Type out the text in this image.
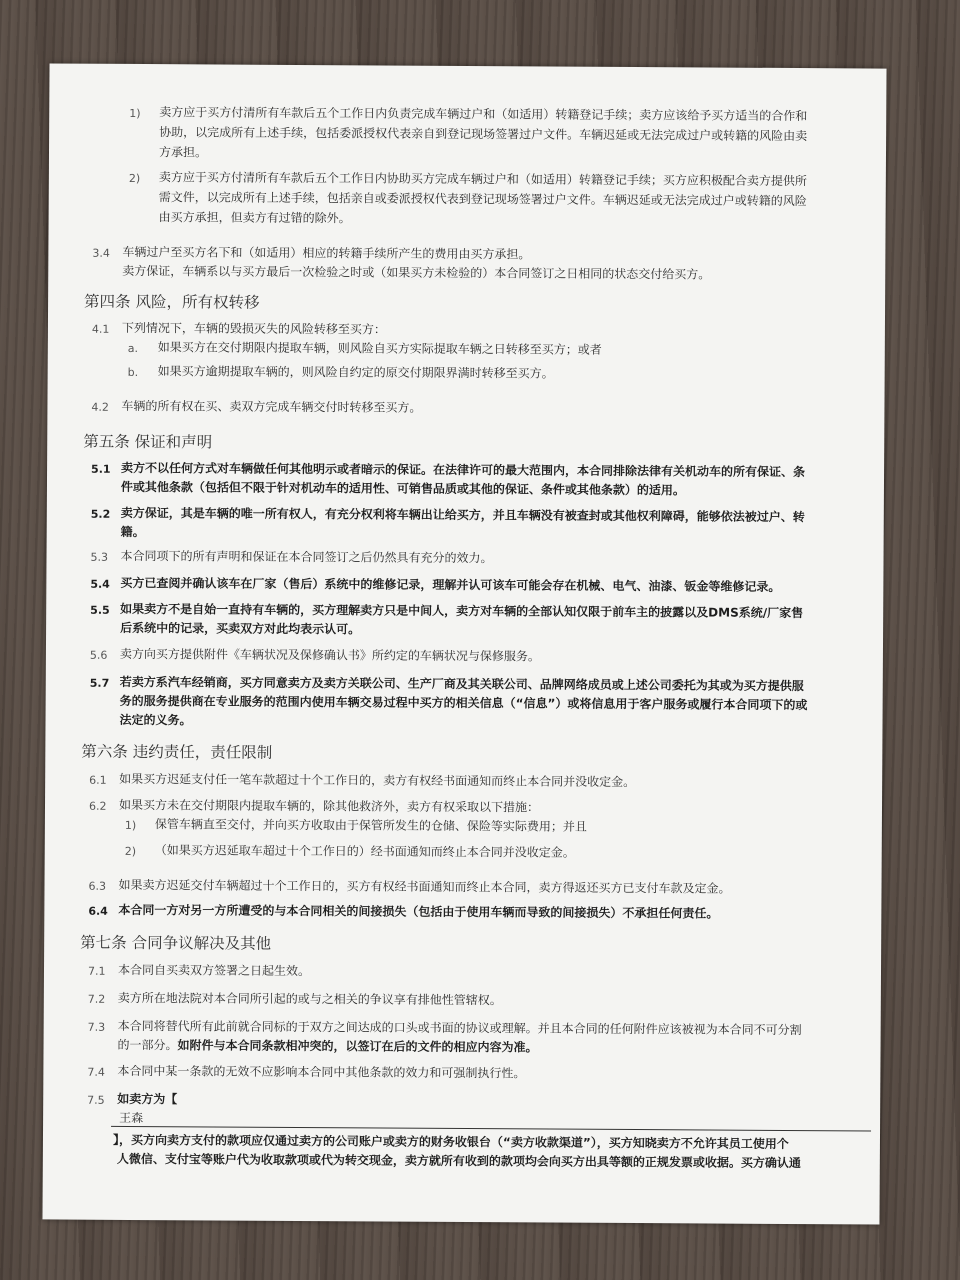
1) 卖方应于买方付清所有车款后五个工作日内负责完成车辆过户和（如适用）转籍登记手续；卖方应该给予买方适当的合作和
协助，以完成所有上述手续，包括委派授权代表亲自到登记现场签署过户文件。车辆迟延或无法完成过户或转籍的风险由卖
方承担。
2) 卖方应于买方付清所有车款后五个工作日内协助买方完成车辆过户和（如适用）转籍登记手续；买方应积极配合卖方提供所
需文件，以完成所有上述手续，包括亲自或委派授权代表到登记现场签署过户文件。车辆迟延或无法完成过户或转籍的风险
由买方承担，但卖方有过错的除外。
3.4 车辆过户至买方名下和（如适用）相应的转籍手续所产生的费用由买方承担。
卖方保证，车辆系以与买方最后一次检验之时或（如果买方未检验的）本合同签订之日相同的状态交付给买方。
第四条 风险，所有权转移
4.1 下列情况下，车辆的毁损灭失的风险转移至买方：
a. 如果买方在交付期限内提取车辆，则风险自买方实际提取车辆之日转移至买方；或者
b. 如果买方逾期提取车辆的，则风险自约定的原交付期限界满时转移至买方。
4.2 车辆的所有权在买、卖双方完成车辆交付时转移至买方。
第五条 保证和声明
5.1 卖方不以任何方式对车辆做任何其他明示或者暗示的保证。在法律许可的最大范围内，本合同排除法律有关机动车的所有保证、条
件或其他条款（包括但不限于针对机动车的适用性、可销售品质或其他的保证、条件或其他条款）的适用。
5.2 卖方保证，其是车辆的唯一所有权人，有充分权利将车辆出让给买方，并且车辆没有被查封或其他权利障碍，能够依法被过户、转
籍。
5.3 本合同项下的所有声明和保证在本合同签订之后仍然具有充分的效力。
5.4 买方已查阅并确认该车在厂家（售后）系统中的维修记录，理解并认可该车可能会存在机械、电气、油漆、钣金等维修记录。
5.5 如果卖方不是自始一直持有车辆的，买方理解卖方只是中间人，卖方对车辆的全部认知仅限于前车主的披露以及DMS系统/厂家售
后系统中的记录，买卖双方对此均表示认可。
5.6 卖方向买方提供附件《车辆状况及保修确认书》所约定的车辆状况与保修服务。
5.7 若卖方系汽车经销商，买方同意卖方及卖方关联公司、生产厂商及其关联公司、品牌网络成员或上述公司委托为其或为买方提供服
务的服务提供商在专业服务的范围内使用车辆交易过程中买方的相关信息（“信息”）或将信息用于客户服务或履行本合同项下的或
法定的义务。
第六条 违约责任，责任限制
6.1 如果买方迟延支付任一笔车款超过十个工作日的，卖方有权经书面通知而终止本合同并没收定金。
6.2 如果买方未在交付期限内提取车辆的，除其他救济外，卖方有权采取以下措施：
1) 保管车辆直至交付，并向买方收取由于保管所发生的仓储、保险等实际费用；并且
2) （如果买方迟延取车超过十个工作日的）经书面通知而终止本合同并没收定金。
6.3 如果卖方迟延交付车辆超过十个工作日的，买方有权经书面通知而终止本合同，卖方得返还买方已支付车款及定金。
6.4 本合同一方对另一方所遭受的与本合同相关的间接损失（包括由于使用车辆而导致的间接损失）不承担任何责任。
第七条 合同争议解决及其他
7.1 本合同自买卖双方签署之日起生效。
7.2 卖方所在地法院对本合同所引起的或与之相关的争议享有排他性管辖权。
7.3 本合同将替代所有此前就合同标的于双方之间达成的口头或书面的协议或理解。并且本合同的任何附件应该被视为本合同不可分割
的一部分。如附件与本合同条款相冲突的，以签订在后的文件的相应内容为准。
7.4 本合同中某一条款的无效不应影响本合同中其他条款的效力和可强制执行性。
7.5 如卖方为【
王森
】，买方向卖方支付的款项应仅通过卖方的公司账户或卖方的财务收银台（“卖方收款渠道”），买方知晓卖方不允许其员工使用个
人微信、支付宝等账户代为收取款项或代为转交现金，卖方就所有收到的款项均会向买方出具等额的正规发票或收据。买方确认通
